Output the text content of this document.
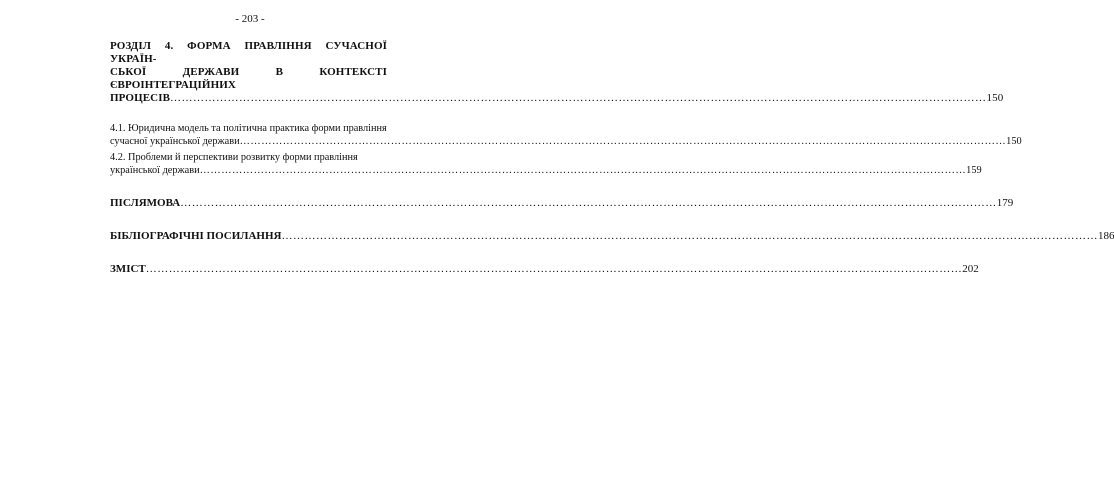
- 203 -
РОЗДІЛ 4. ФОРМА ПРАВЛІННЯ СУЧАСНОЇ УКРАЇН-
СЬКОЇ ДЕРЖАВИ В КОНТЕКСТІ ЄВРОІНТЕГРАЦІЙНИХ
ПРОЦЕСІВ …………………………………………………………………………………………………………………………………………………………………………………………… 150
4.1. Юридична модель та політична практика форми правління
сучасної української держави …………………………………………………………………………………………………………………………………………………………………………………………… 150
4.2. Проблеми й перспективи розвитку форми правління
української держави …………………………………………………………………………………………………………………………………………………………………………………………… 159
ПІСЛЯМОВА …………………………………………………………………………………………………………………………………………………………………………………………… 179
БІБЛІОГРАФІЧНІ ПОСИЛАННЯ …………………………………………………………………………………………………………………………………………………………………………………………… 186
ЗМІСТ …………………………………………………………………………………………………………………………………………………………………………………………… 202
